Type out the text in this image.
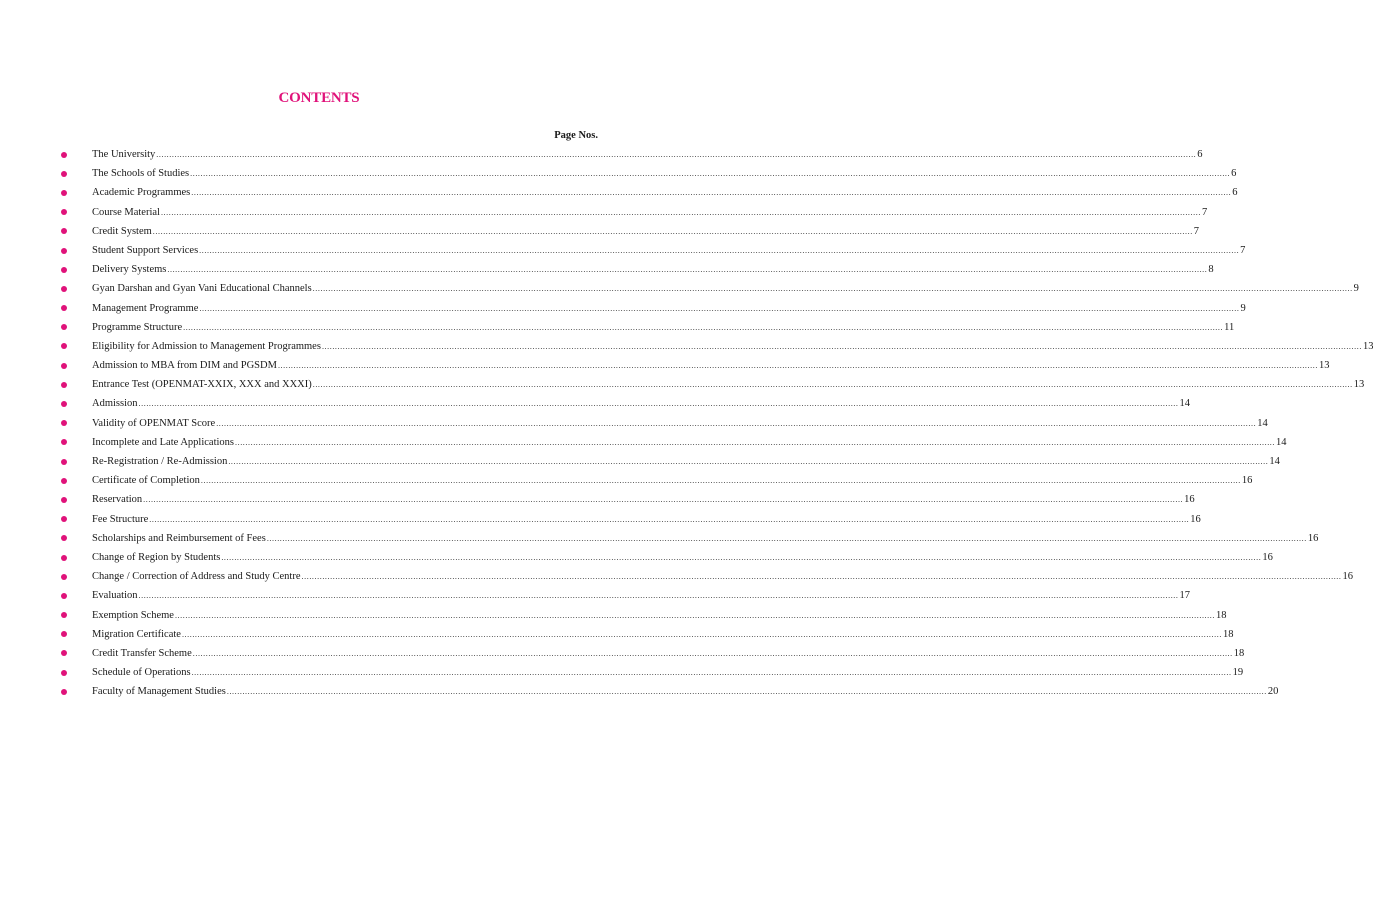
CONTENTS
Page Nos.
The University ................................................................................................................................................................................................................................................................................................................................................................................................................ 6
The Schools of Studies ................................................................................................................................................................................................................................................................................................................................................................................................................ 6
Academic Programmes ................................................................................................................................................................................................................................................................................................................................................................................................................ 6
Course Material ................................................................................................................................................................................................................................................................................................................................................................................................................ 7
Credit System ................................................................................................................................................................................................................................................................................................................................................................................................................ 7
Student Support Services ................................................................................................................................................................................................................................................................................................................................................................................................................ 7
Delivery Systems ................................................................................................................................................................................................................................................................................................................................................................................................................ 8
Gyan Darshan and Gyan Vani Educational Channels ................................................................................................................................................................................................................................................................................................................................................................................................................ 9
Management Programme ................................................................................................................................................................................................................................................................................................................................................................................................................ 9
Programme Structure ................................................................................................................................................................................................................................................................................................................................................................................................................ 11
Eligibility for Admission to Management Programmes ................................................................................................................................................................................................................................................................................................................................................................................................................ 13
Admission to MBA from DIM and PGSDM ................................................................................................................................................................................................................................................................................................................................................................................................................ 13
Entrance Test (OPENMAT-XXIX, XXX and XXXI) ................................................................................................................................................................................................................................................................................................................................................................................................................ 13
Admission ................................................................................................................................................................................................................................................................................................................................................................................................................ 14
Validity of OPENMAT Score ................................................................................................................................................................................................................................................................................................................................................................................................................ 14
Incomplete and Late Applications ................................................................................................................................................................................................................................................................................................................................................................................................................ 14
Re-Registration / Re-Admission ................................................................................................................................................................................................................................................................................................................................................................................................................ 14
Certificate of Completion ................................................................................................................................................................................................................................................................................................................................................................................................................ 16
Reservation ................................................................................................................................................................................................................................................................................................................................................................................................................ 16
Fee Structure ................................................................................................................................................................................................................................................................................................................................................................................................................ 16
Scholarships and Reimbursement of Fees ................................................................................................................................................................................................................................................................................................................................................................................................................ 16
Change of Region by Students ................................................................................................................................................................................................................................................................................................................................................................................................................ 16
Change / Correction of Address and Study Centre ................................................................................................................................................................................................................................................................................................................................................................................................................ 16
Evaluation ................................................................................................................................................................................................................................................................................................................................................................................................................ 17
Exemption Scheme ................................................................................................................................................................................................................................................................................................................................................................................................................ 18
Migration Certificate ................................................................................................................................................................................................................................................................................................................................................................................................................ 18
Credit Transfer Scheme ................................................................................................................................................................................................................................................................................................................................................................................................................ 18
Schedule of Operations ................................................................................................................................................................................................................................................................................................................................................................................................................ 19
Faculty of Management Studies ................................................................................................................................................................................................................................................................................................................................................................................................................ 20
